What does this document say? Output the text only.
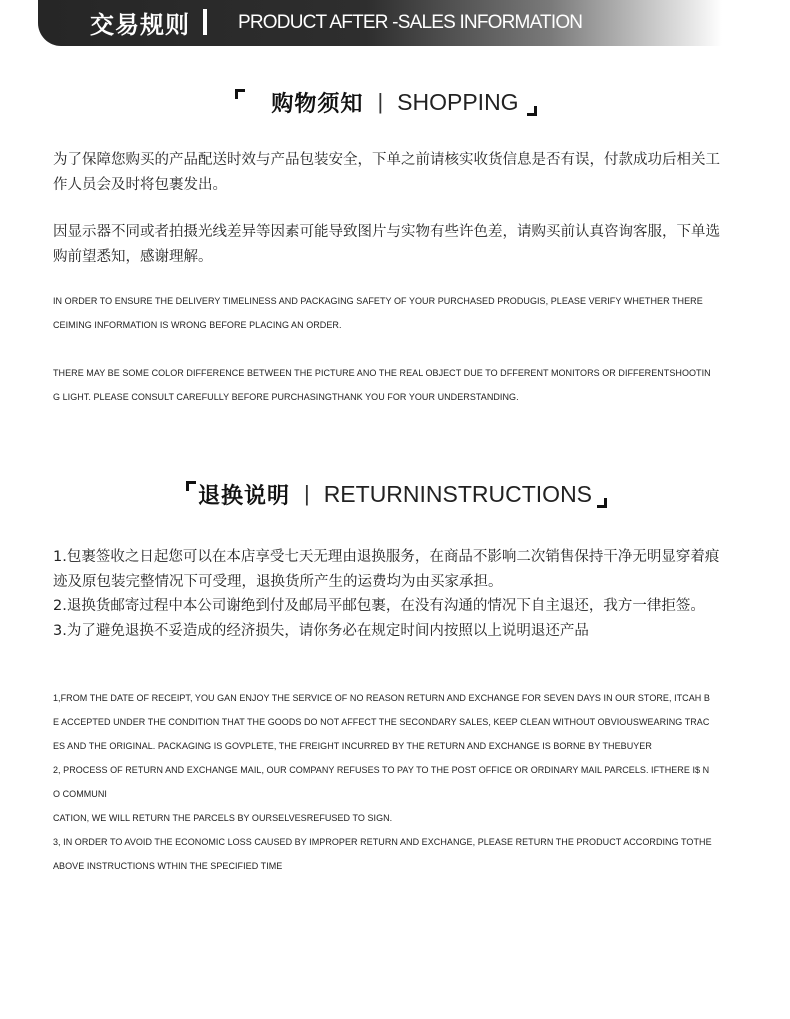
交易规则	PRODUCT AFTER -SALES INFORMATION
购物须知 | SHOPPING
为了保障您购买的产品配送时效与产品包装安全，下单之前请核实收货信息是否有误，付款成功后相关工作人员会及时将包裹发出。
因显示器不同或者拍摄光线差异等因素可能导致图片与实物有些许色差，请购买前认真咨询客服，下单选购前望悉知，感谢理解。
IN ORDER TO ENSURE THE DELIVERY TIMELINESS AND PACKAGING SAFETY OF YOUR PURCHASED PRODUGIS, PLEASE VERIFY WHETHER THERE
CEIMING INFORMATION IS WRONG BEFORE PLACING AN ORDER.
THERE MAY BE SOME COLOR DIFFERENCE BETWEEN THE PICTURE ANO THE REAL OBJECT DUE TO DFFERENT MONITORS OR DIFFERENTSHOOTIN
G LIGHT. PLEASE CONSULT CAREFULLY BEFORE PURCHASINGTHANK YOU FOR YOUR UNDERSTANDING.
退换说明 | RETURNINSTRUCTIONS
1.包裹签收之日起您可以在本店享受七天无理由退换服务，在商品不影响二次销售保持干净无明显穿着痕迹及原包装完整情况下可受理，退换货所产生的运费均为由买家承担。
2.退换货邮寄过程中本公司谢绝到付及邮局平邮包裹，在没有沟通的情况下自主退还，我方一律拒签。
3.为了避免退换不妥造成的经济损失，请你务必在规定时间内按照以上说明退还产品
1,FROM THE DATE OF RECEIPT, YOU GAN ENJOY THE SERVICE OF NO REASON RETURN AND EXCHANGE FOR SEVEN DAYS IN OUR STORE, ITCAH B
E ACCEPTED UNDER THE CONDITION THAT THE GOODS DO NOT AFFECT THE SECONDARY SALES, KEEP CLEAN WITHOUT OBVIOUSWEARING TRAC
ES AND THE ORIGINAL. PACKAGING IS GOVPLETE, THE FREIGHT INCURRED BY THE RETURN AND EXCHANGE IS BORNE BY THEBUYER
2, PROCESS OF RETURN AND EXCHANGE MAIL, OUR COMPANY REFUSES TO PAY TO THE POST OFFICE OR ORDINARY MAIL PARCELS. IFTHERE I$ N
O COMMUNI
CATION, WE WILL RETURN THE PARCELS BY OURSELVESREFUSED TO SIGN.
3, IN ORDER TO AVOID THE ECONOMIC LOSS CAUSED BY IMPROPER RETURN AND EXCHANGE, PLEASE RETURN THE PRODUCT ACCORDING TOTHE
ABOVE INSTRUCTIONS WTHIN THE SPECIFIED TIME
